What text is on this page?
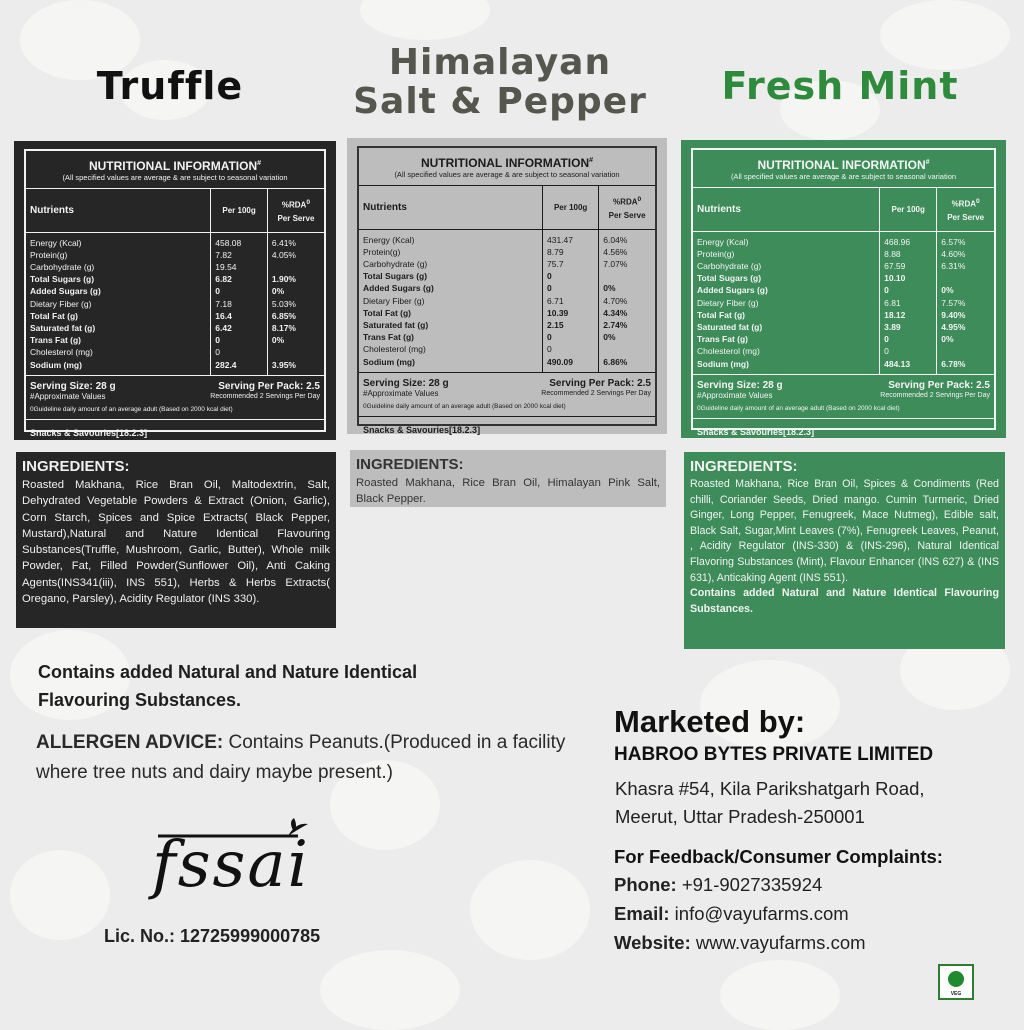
Truffle
Himalayan
Salt & Pepper	Fresh Mint
NUTRITIONAL INFORMATION#
(All specified values are average & are subject to seasonal variation
Nutrients	Per 100g	%RDA$^0$
Per Serve

Energy (Kcal)	458.08	6.41%
Protein(g)	7.82	4.05%
Carbohydrate (g)	19.54	
Total Sugars (g)	6.82	1.90%
Added Sugars (g)	0	0%
Dietary Fiber (g)	7.18	5.03%
Total Fat (g)	16.4	6.85%
Saturated fat (g)	6.42	8.17%
Trans Fat (g)	0	0%
Cholesterol (mg)	0	
Sodium (mg)	282.4	3.95%

Serving Size: 28 g
#Approximate Values
Serving Per Pack: 2.5
Recommended 2 Servings Per Day
0Guideline daily amount of an average adult (Based on 2000 kcal diet)
Snacks & Savouries[18.2.3]
NUTRITIONAL INFORMATION#
(All specified values are average & are subject to seasonal variation
Nutrients	Per 100g	%RDA$^0$
Per Serve

Energy (Kcal)	431.47	6.04%
Protein(g)	8.79	4.56%
Carbohydrate (g)	75.7	7.07%
Total Sugars (g)	0	
Added Sugars (g)	0	0%
Dietary Fiber (g)	6.71	4.70%
Total Fat (g)	10.39	4.34%
Saturated fat (g)	2.15	2.74%
Trans Fat (g)	0	0%
Cholesterol (mg)	0	
Sodium (mg)	490.09	6.86%

Serving Size: 28 g
#Approximate Values
Serving Per Pack: 2.5
Recommended 2 Servings Per Day
0Guideline daily amount of an average adult (Based on 2000 kcal diet)
Snacks & Savouries[18.2.3]
NUTRITIONAL INFORMATION#
(All specified values are average & are subject to seasonal variation
Nutrients	Per 100g	%RDA$^0$
Per Serve

Energy (Kcal)	468.96	6.57%
Protein(g)	8.88	4.60%
Carbohydrate (g)	67.59	6.31%
Total Sugars (g)	10.10	
Added Sugars (g)	0	0%
Dietary Fiber (g)	6.81	7.57%
Total Fat (g)	18.12	9.40%
Saturated fat (g)	3.89	4.95%
Trans Fat (g)	0	0%
Cholesterol (mg)	0	
Sodium (mg)	484.13	6.78%

Serving Size: 28 g
#Approximate Values
Serving Per Pack: 2.5
Recommended 2 Servings Per Day
0Guideline daily amount of an average adult (Based on 2000 kcal diet)
Snacks & Savouries[18.2.3]
INGREDIENTS:
Roasted Makhana, Rice Bran Oil, Maltodextrin, Salt, Dehydrated Vegetable Powders & Extract (Onion, Garlic), Corn Starch, Spices and Spice Extracts( Black Pepper, Mustard),Natural and Nature Identical Flavouring Substances(Truffle, Mushroom, Garlic, Butter), Whole milk Powder, Fat, Filled Powder(Sunflower Oil), Anti Caking Agents(INS341(iii), INS 551), Herbs & Herbs Extracts( Oregano, Parsley), Acidity Regulator (INS 330).
INGREDIENTS:
Roasted Makhana, Rice Bran Oil, Himalayan Pink Salt, Black Pepper.
INGREDIENTS:
Roasted Makhana, Rice Bran Oil, Spices & Condiments (Red chilli, Coriander Seeds, Dried mango. Cumin Turmeric, Dried Ginger, Long Pepper, Fenugreek, Mace Nutmeg), Edible salt, Black Salt, Sugar,Mint Leaves (7%), Fenugreek Leaves, Peanut, , Acidity Regulator (INS-330) & (INS-296), Natural Identical Flavoring Substances (Mint), Flavour Enhancer (INS 627) & (INS 631), Anticaking Agent (INS 551).
Contains added Natural and Nature Identical Flavouring Substances.
Contains added Natural and Nature Identical Flavouring Substances.
ALLERGEN ADVICE: Contains Peanuts.(Produced in a facility where tree nuts and dairy maybe present.)
fssai
Lic. No.: 12725999000785
Marketed by:
HABROO BYTES PRIVATE LIMITED
Khasra #54, Kila Parikshatgarh Road,
Meerut, Uttar Pradesh-250001
For Feedback/Consumer Complaints:
Phone: +91-9027335924
Email: info@vayufarms.com
Website: www.vayufarms.com
VEG
